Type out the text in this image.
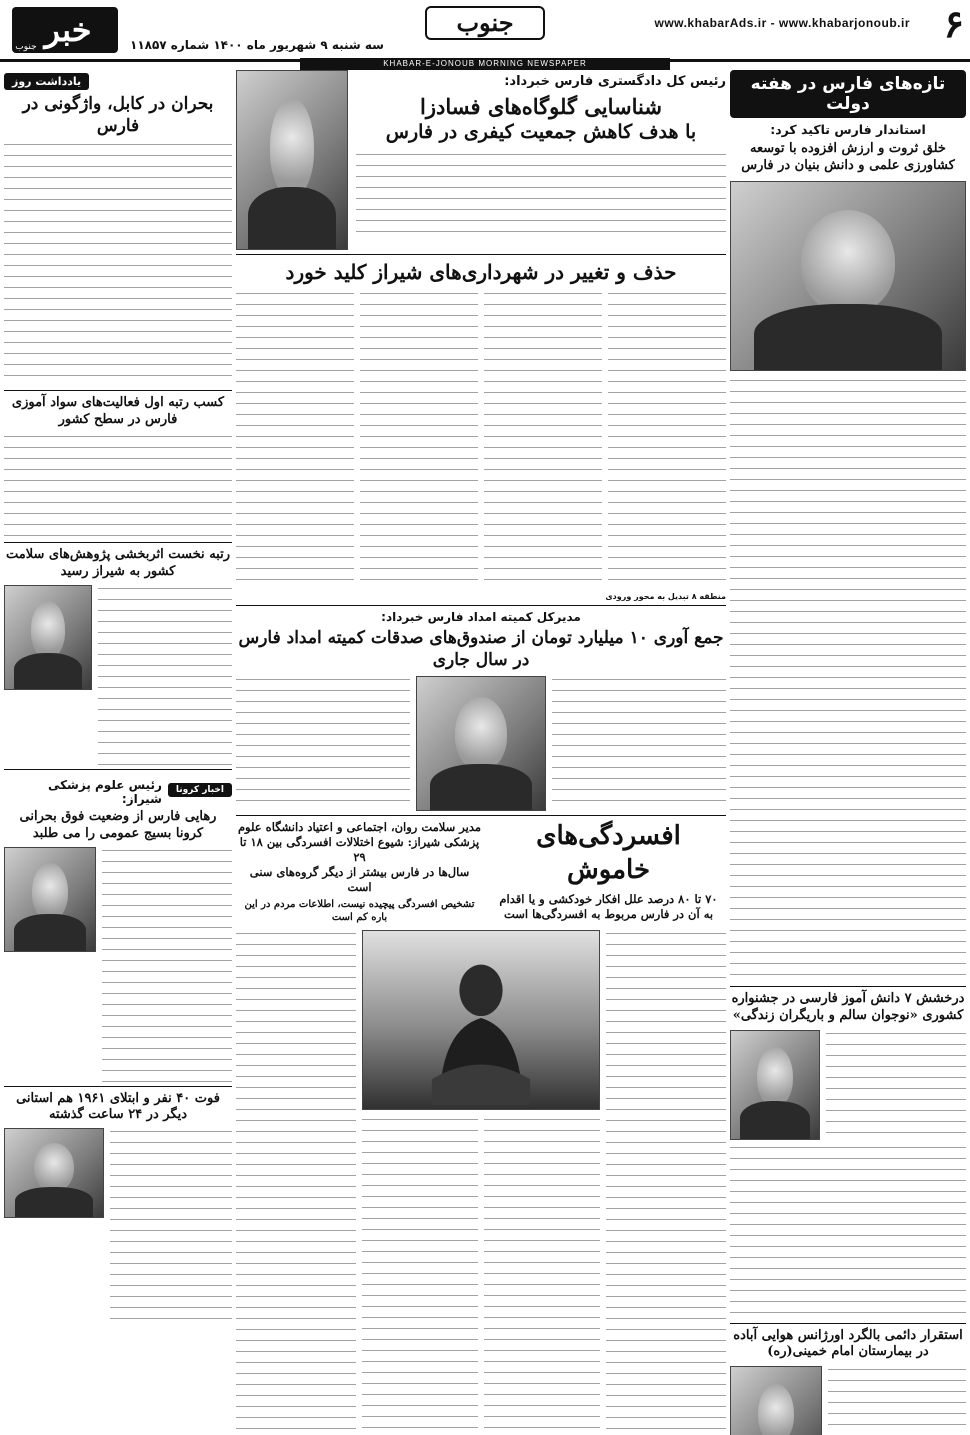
۶
www.khabarAds.ir - www.khabarjonoub.ir
جنوب
سه شنبه ۹ شهریور ماه ۱۴۰۰ شماره ۱۱۸۵۷
خبر
جنوب
KHABAR-E-JONOUB MORNING NEWSPAPER
تازه‌های فارس در هفته دولت
استاندار فارس تاکید کرد:
خلق ثروت و ارزش افزوده با توسعه کشاورزی علمی و دانش بنیان در فارس
درخشش ۷ دانش آموز فارسی در جشنواره کشوری «نوجوان سالم و باریگران زندگی»
استقرار دائمی بالگرد اورژانس هوایی آباده در بیمارستان امام خمینی(ره)
رئیس کل دادگستری فارس خبرداد:
شناسایی گلوگاه‌های فسادزا
با هدف کاهش جمعیت کیفری در فارس
حذف و تغییر در شهرداری‌های شیراز کلید خورد
منطقه ۸ تبدیل به محور ورودی
مدیرکل کمیته امداد فارس خبرداد:
جمع آوری ۱۰ میلیارد تومان از صندوق‌های صدقات کمیته امداد فارس در سال جاری
افسردگی‌های خاموش
۷۰ تا ۸۰ درصد علل افکار خودکشی و یا اقدام
به آن در فارس مربوط به افسردگی‌ها است
مدیر سلامت روان، اجتماعی و اعتیاد دانشگاه علوم
پزشکی شیراز: شیوع اختلالات افسردگی بین ۱۸ تا ۲۹
سال‌ها در فارس بیشتر از دیگر گروه‌های سنی است
تشخیص افسردگی پیچیده نیست، اطلاعات مردم در این باره کم است
یادداشت روز
بحران در کابل، واژگونی در فارس
کسب رتبه اول فعالیت‌های سواد آموزی فارس در سطح کشور
رتبه نخست اثربخشی پژوهش‌های سلامت کشور به شیراز رسید
اخبار کرونا
رئیس علوم پزشکی شیراز:
رهایی فارس از وضعیت فوق بحرانی کرونا بسیج عمومی را می طلبد
فوت ۴۰ نفر و ابتلای ۱۹۶۱ هم استانی دیگر در ۲۴ ساعت گذشته
